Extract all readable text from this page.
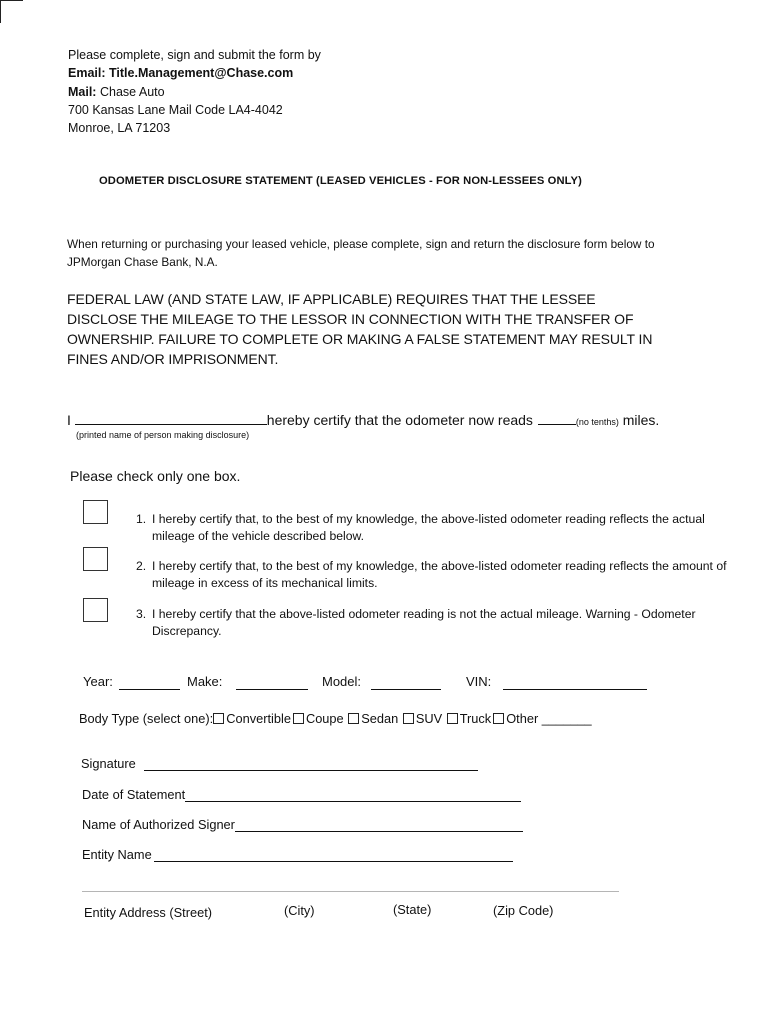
Please complete, sign and submit the form by
Email: Title.Management@Chase.com
Mail: Chase Auto
700 Kansas Lane Mail Code LA4-4042
Monroe, LA 71203
ODOMETER DISCLOSURE STATEMENT (LEASED VEHICLES - FOR NON-LESSEES ONLY)
When returning or purchasing your leased vehicle, please complete, sign and return the disclosure form below to JPMorgan Chase Bank, N.A.
FEDERAL LAW (AND STATE LAW, IF APPLICABLE) REQUIRES THAT THE LESSEE DISCLOSE THE MILEAGE TO THE LESSOR IN CONNECTION WITH THE TRANSFER OF OWNERSHIP. FAILURE TO COMPLETE OR MAKING A FALSE STATEMENT MAY RESULT IN FINES AND/OR IMPRISONMENT.
I	hereby certify that the odometer now reads	(no tenths) miles.
(printed name of person making disclosure)
Please check only one box.
1. I hereby certify that, to the best of my knowledge, the above-listed odometer reading reflects the actual mileage of the vehicle described below.
2. I hereby certify that, to the best of my knowledge, the above-listed odometer reading reflects the amount of mileage in excess of its mechanical limits.
3. I hereby certify that the above-listed odometer reading is not the actual mileage. Warning - Odometer Discrepancy.
Year:	Make:	Model:	VIN:
Body Type (select one): Convertible Coupe Sedan SUV Truck Other _______
Signature
Date of Statement
Name of Authorized Signer
Entity Name
Entity Address (Street)	(City)	(State)	(Zip Code)
